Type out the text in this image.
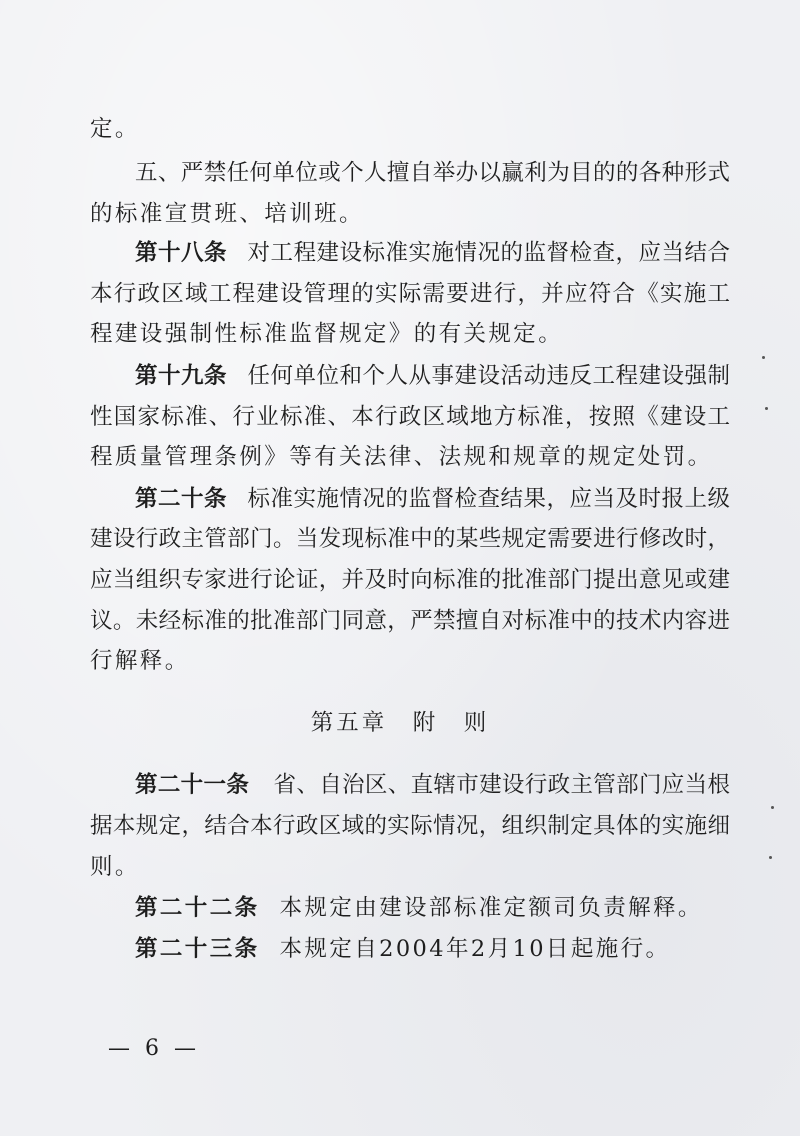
定。
五、严禁任何单位或个人擅自举办以赢利为目的的各种形式
的标准宣贯班、培训班。
第十八条 对工程建设标准实施情况的监督检查，应当结合
本行政区域工程建设管理的实际需要进行，并应符合《实施工
程建设强制性标准监督规定》的有关规定。
第十九条 任何单位和个人从事建设活动违反工程建设强制
性国家标准、行业标准、本行政区域地方标准，按照《建设工
程质量管理条例》等有关法律、法规和规章的规定处罚。
第二十条 标准实施情况的监督检查结果，应当及时报上级
建设行政主管部门。当发现标准中的某些规定需要进行修改时，
应当组织专家进行论证，并及时向标准的批准部门提出意见或建
议。未经标准的批准部门同意，严禁擅自对标准中的技术内容进
行解释。
第五章　附　则
第二十一条 省、自治区、直辖市建设行政主管部门应当根
据本规定，结合本行政区域的实际情况，组织制定具体的实施细
则。
第二十二条 本规定由建设部标准定额司负责解释。
第二十三条 本规定自2004年2月10日起施行。
— 6 —
